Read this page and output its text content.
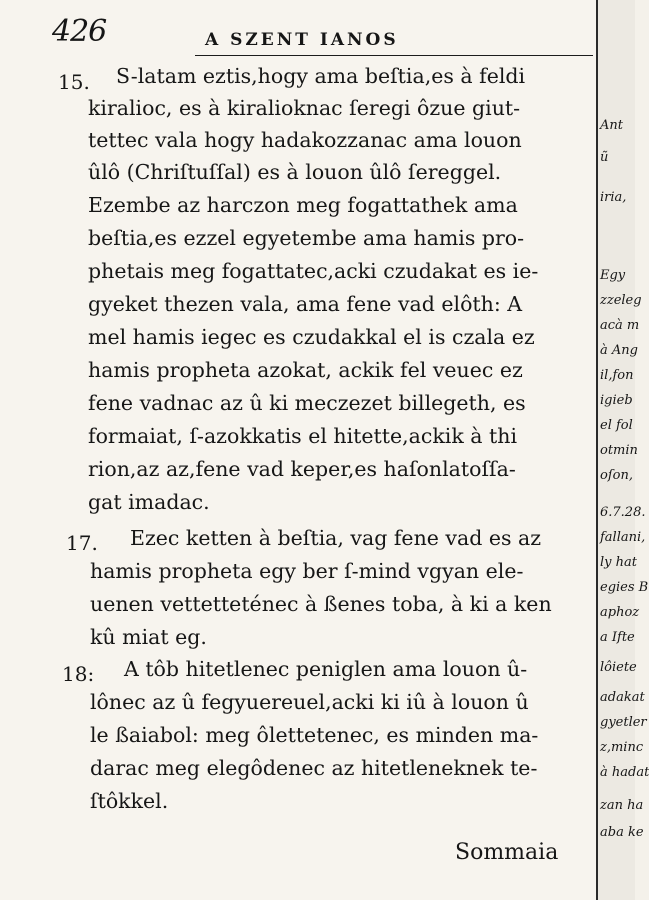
426	A SZENT IANOS
15. S-latam eztis,hogy ama beſtia,es à feldi
kiralioc, es à kiralioknac ſeregi ôzue giut-
tettec vala hogy hadakozzanac ama louon
ûlô (Chriſtuſſal) es à louon ûlô ſereggel.
Ezembe az harczon meg fogattathek ama
beſtia,es ezzel egyetembe ama hamis pro-
phetais meg fogattatec,acki czudakat es ie-
gyeket thezen vala, ama fene vad elôth: A
mel hamis iegec es czudakkal el is czala ez
hamis propheta azokat, ackik fel veuec ez
fene vadnac az û ki meczezet billegeth, es
formaiat, ſ-azokkatis el hitette,ackik à thi
rion,az az,fene vad keper,es haſonlatoſſa-
gat imadac.
17. Ezec ketten à beſtia, vag fene vad es az
hamis propheta egy ber ſ-mind vgyan ele-
uenen vettetteténec à ßenes toba, à ki a ken
kû miat eg.
18: A tôb hitetlenec peniglen ama louon û-
lônec az û fegyuereuel,acki ki iû à louon û
le ßaiabol: meg ôlettetenec, es minden ma-
darac meg elegôdenec az hitetleneknek te-
ſtôkkel.
Sommaia
Ant
ũ
iria,
Egy
zzeleg
acà m
à Ang
il,fon
igieb
el fol
otmin
oſon,
6.7.28.
fallani,
ly hat
egies B
aphoz
a Ifte
lôiete
adakat
gyetler
z,minc
à hadat
zan ha
aba ke
